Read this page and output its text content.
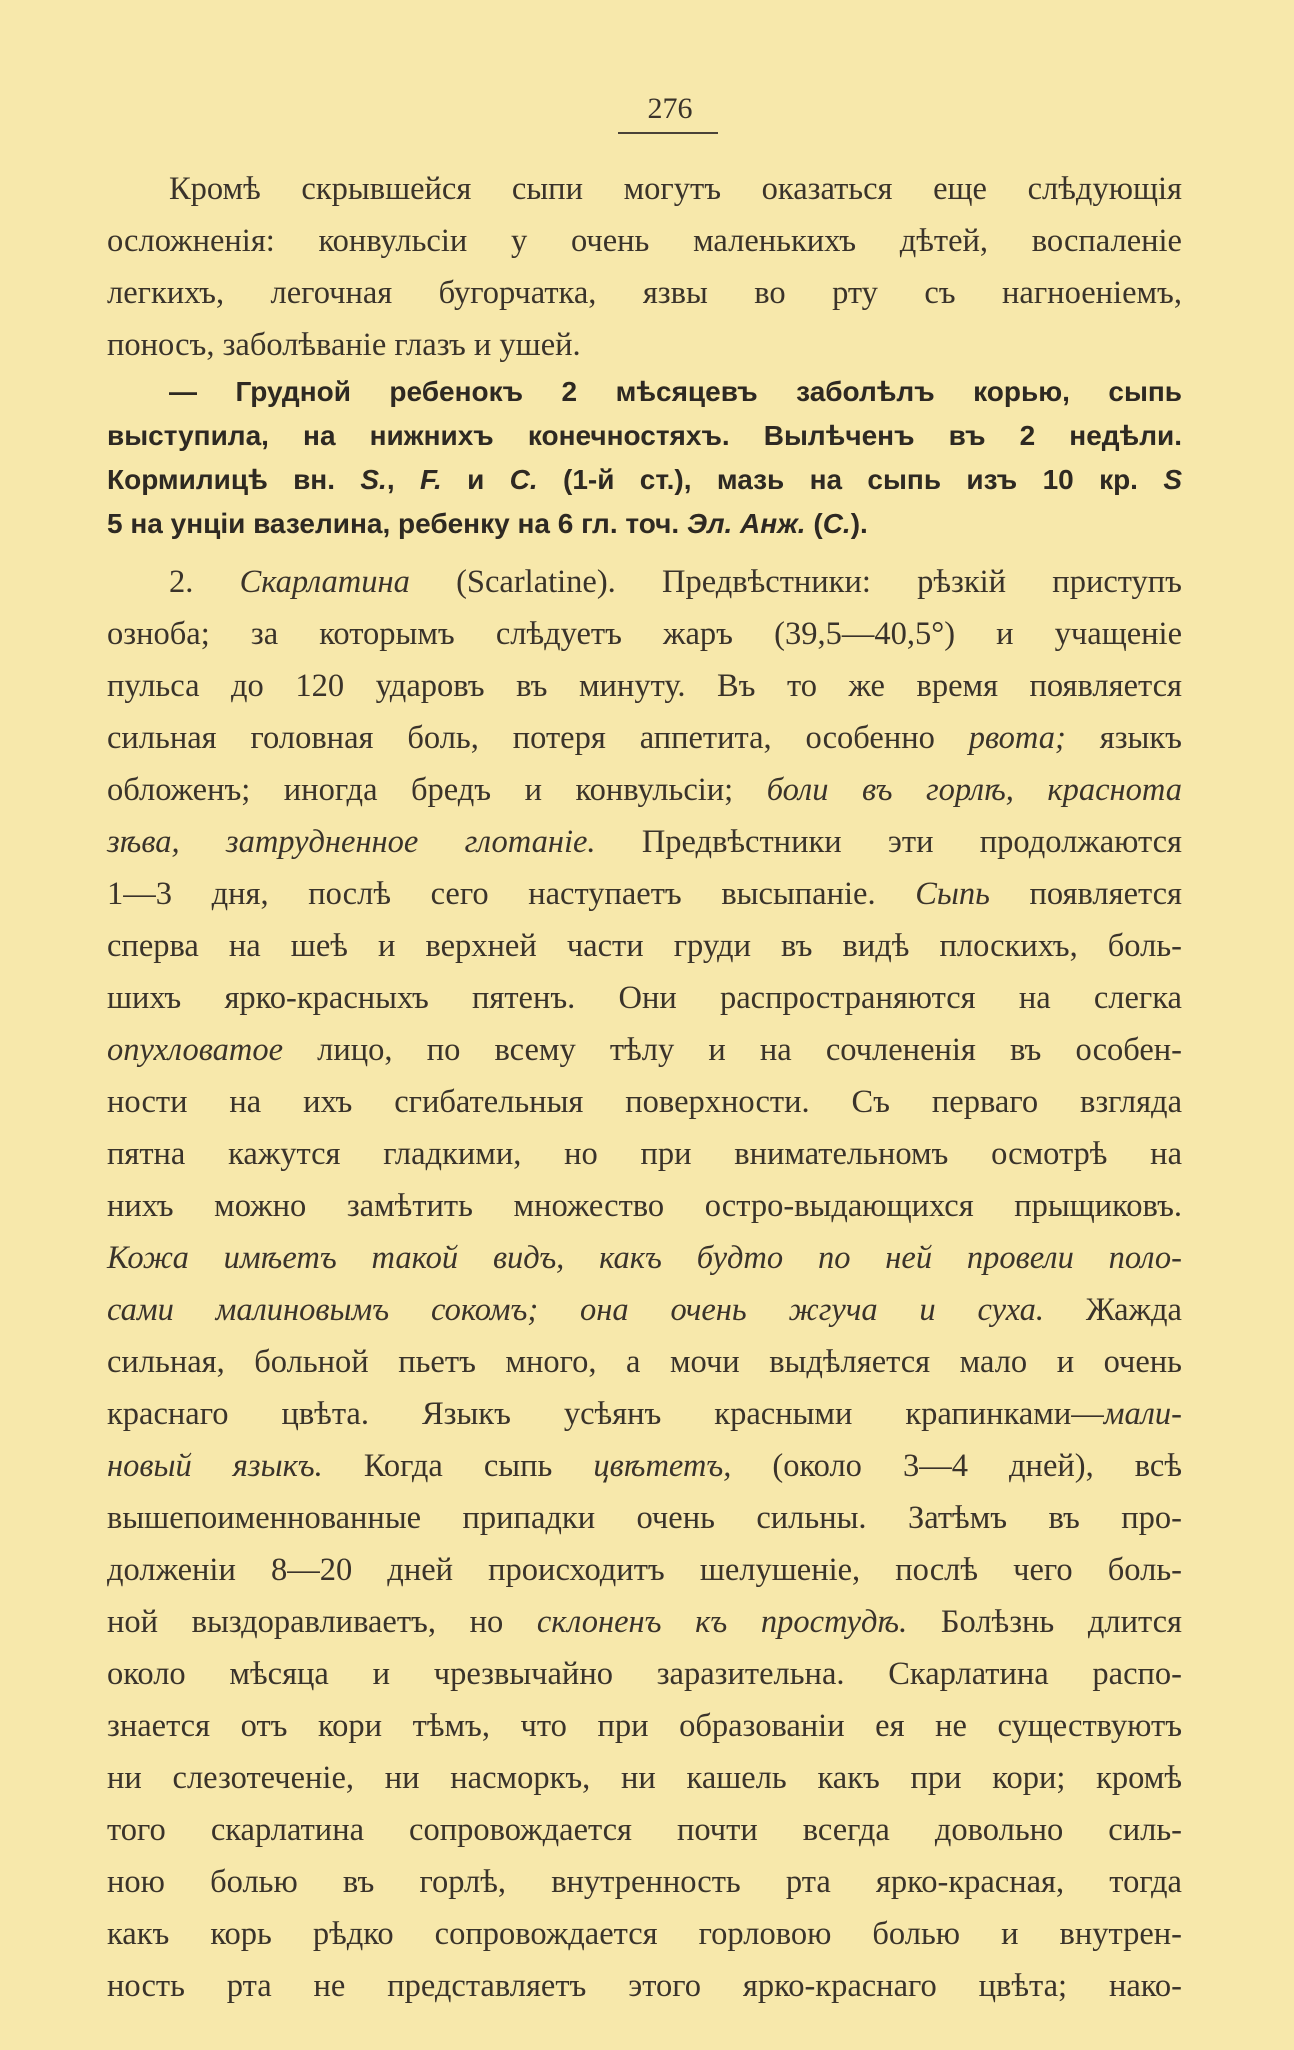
276
Кромѣ скрывшейся сыпи могутъ оказаться еще слѣдующія
осложненія: конвульсіи у очень маленькихъ дѣтей, воспаленіе
легкихъ, легочная бугорчатка, язвы во рту съ нагноеніемъ,
поносъ, заболѣваніе глазъ и ушей.
— Грудной ребенокъ 2 мѣсяцевъ заболѣлъ корью, сыпь
выступила, на нижнихъ конечностяхъ. Вылѣченъ въ 2 недѣли.
Кормилицѣ вн. S., F. и C. (1-й ст.), мазь на сыпь изъ 10 кр. S
5 на унціи вазелина, ребенку на 6 гл. точ. Эл. Анж. (C.).
2. Скарлатина (Scarlatine). Предвѣстники: рѣзкій приступъ
озноба; за которымъ слѣдуетъ жаръ (39,5—40,5°) и учащеніе
пульса до 120 ударовъ въ минуту. Въ то же время появляется
сильная головная боль, потеря аппетита, особенно рвота; языкъ
обложенъ; иногда бредъ и конвульсіи; боли въ горлѣ, краснота
зѣва, затрудненное глотаніе. Предвѣстники эти продолжаются
1—3 дня, послѣ сего наступаетъ высыпаніе. Сыпь появляется
сперва на шеѣ и верхней части груди въ видѣ плоскихъ, боль-
шихъ ярко-красныхъ пятенъ. Они распространяются на слегка
опухловатое лицо, по всему тѣлу и на сочлененія въ особен-
ности на ихъ сгибательныя поверхности. Съ перваго взгляда
пятна кажутся гладкими, но при внимательномъ осмотрѣ на
нихъ можно замѣтить множество остро-выдающихся прыщиковъ.
Кожа имѣетъ такой видъ, какъ будто по ней провели поло-
сами малиновымъ сокомъ; она очень жгуча и суха. Жажда
сильная, больной пьетъ много, а мочи выдѣляется мало и очень
краснаго цвѣта. Языкъ усѣянъ красными крапинками—мали-
новый языкъ. Когда сыпь цвѣтетъ, (около 3—4 дней), всѣ
вышепоименнованные припадки очень сильны. Затѣмъ въ про-
долженіи 8—20 дней происходитъ шелушеніе, послѣ чего боль-
ной выздоравливаетъ, но склоненъ къ простудѣ. Болѣзнь длится
около мѣсяца и чрезвычайно заразительна. Скарлатина распо-
знается отъ кори тѣмъ, что при образованіи ея не существуютъ
ни слезотеченіе, ни насморкъ, ни кашель какъ при кори; кромѣ
того скарлатина сопровождается почти всегда довольно силь-
ною болью въ горлѣ, внутренность рта ярко-красная, тогда
какъ корь рѣдко сопровождается горловою болью и внутрен-
ность рта не представляетъ этого ярко-краснаго цвѣта; нако-
